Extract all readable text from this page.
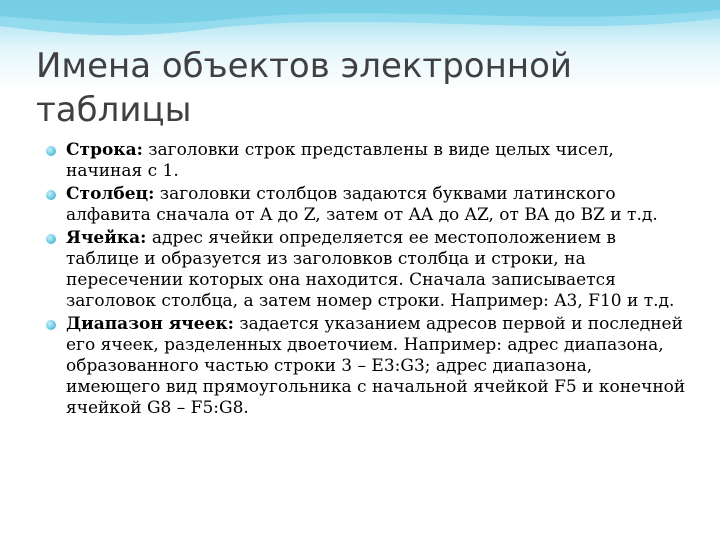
Имена объектов электронной таблицы
Строка: заголовки строк представлены в виде целых чисел, начиная с 1.
Столбец: заголовки столбцов задаются буквами латинского алфавита сначала от A до Z, затем от AA до AZ, от BA до BZ и т.д.
Ячейка: адрес ячейки определяется ее местоположением в таблице и образуется из заголовков столбца и строки, на пересечении которых она находится. Сначала записывается заголовок столбца, а затем номер строки. Например: A3, F10 и т.д.
Диапазон ячеек: задается указанием адресов первой и последней его ячеек, разделенных двоеточием. Например: адрес диапазона, образованного частью строки 3 – E3:G3; адрес диапазона, имеющего вид прямоугольника с начальной ячейкой F5 и конечной ячейкой G8 – F5:G8.
